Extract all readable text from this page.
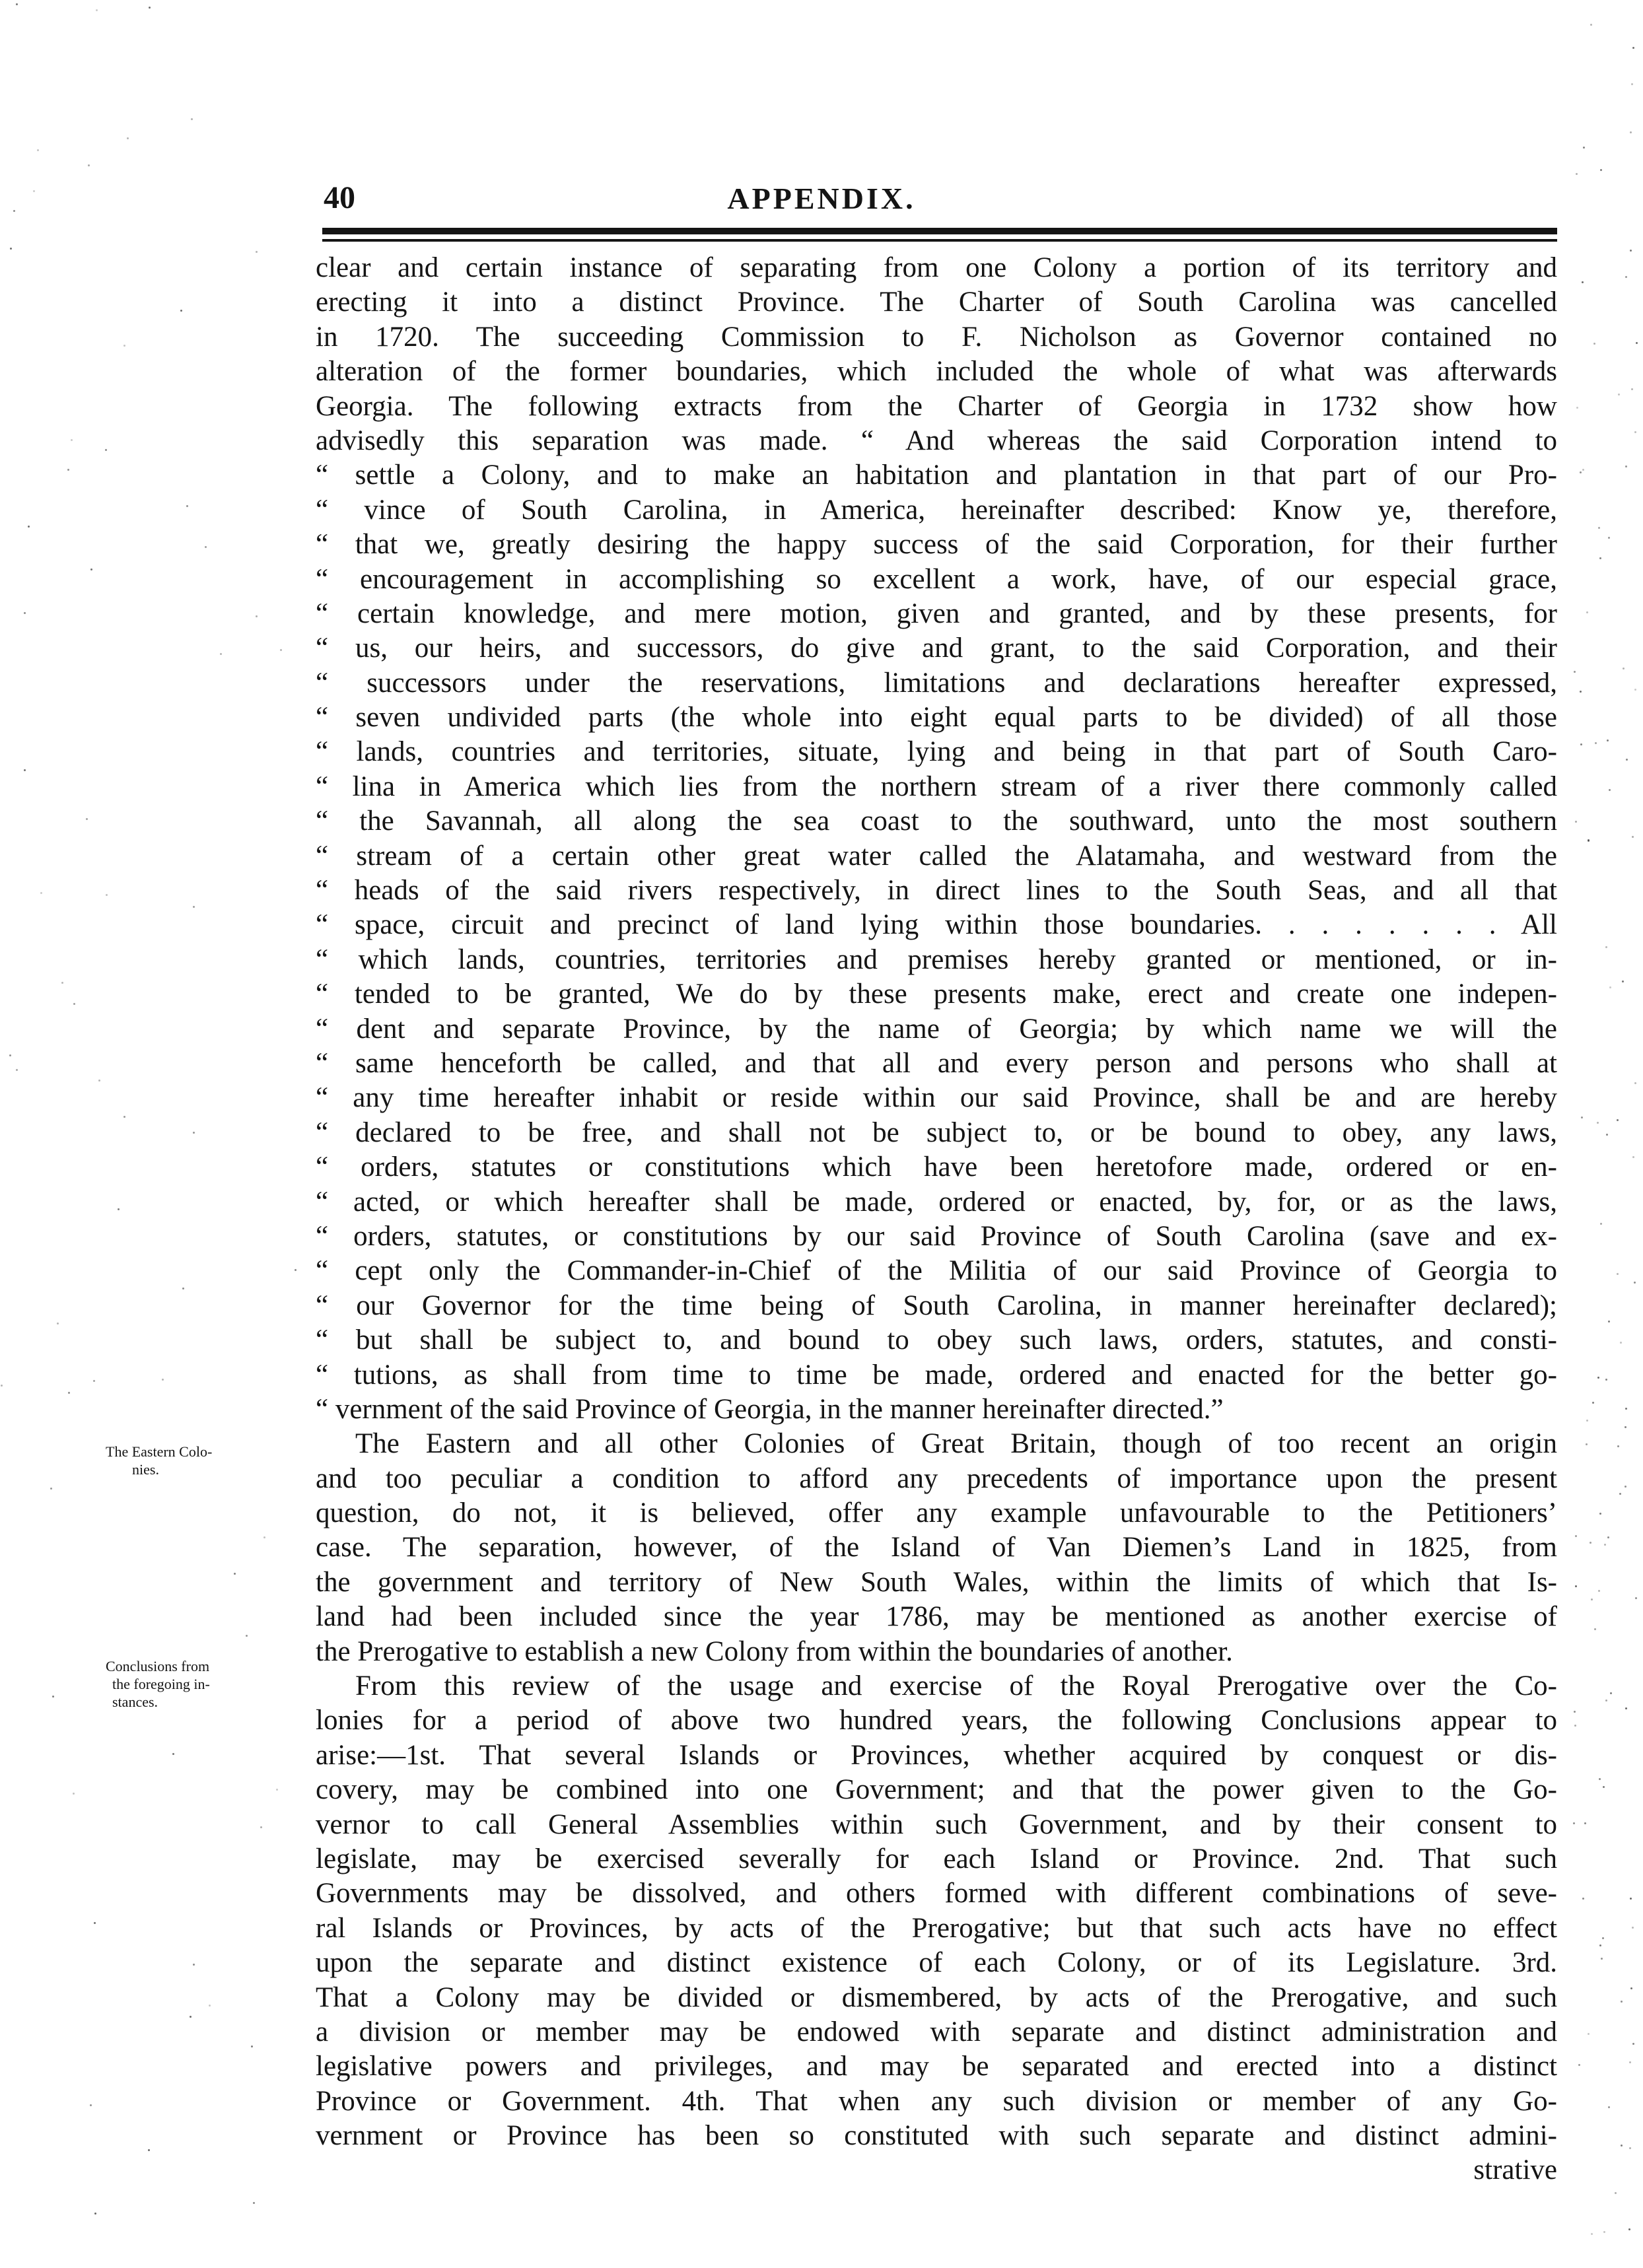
40	APPENDIX.
The Eastern Colo-
nies.
Conclusions from
the foregoing in-
stances.
clear and certain instance of separating from one Colony a portion of its territory and
erecting it into a distinct Province. The Charter of South Carolina was cancelled
in 1720. The succeeding Commission to F. Nicholson as Governor contained no
alteration of the former boundaries, which included the whole of what was afterwards
Georgia. The following extracts from the Charter of Georgia in 1732 show how
advisedly this separation was made. “ And whereas the said Corporation intend to
“ settle a Colony, and to make an habitation and plantation in that part of our Pro-
“ vince of South Carolina, in America, hereinafter described: Know ye, therefore,
“ that we, greatly desiring the happy success of the said Corporation, for their further
“ encouragement in accomplishing so excellent a work, have, of our especial grace,
“ certain knowledge, and mere motion, given and granted, and by these presents, for
“ us, our heirs, and successors, do give and grant, to the said Corporation, and their
“ successors under the reservations, limitations and declarations hereafter expressed,
“ seven undivided parts (the whole into eight equal parts to be divided) of all those
“ lands, countries and territories, situate, lying and being in that part of South Caro-
“ lina in America which lies from the northern stream of a river there commonly called
“ the Savannah, all along the sea coast to the southward, unto the most southern
“ stream of a certain other great water called the Alatamaha, and westward from the
“ heads of the said rivers respectively, in direct lines to the South Seas, and all that
“ space, circuit and precinct of land lying within those boundaries. . . . . . . . All
“ which lands, countries, territories and premises hereby granted or mentioned, or in-
“ tended to be granted, We do by these presents make, erect and create one indepen-
“ dent and separate Province, by the name of Georgia; by which name we will the
“ same henceforth be called, and that all and every person and persons who shall at
“ any time hereafter inhabit or reside within our said Province, shall be and are hereby
“ declared to be free, and shall not be subject to, or be bound to obey, any laws,
“ orders, statutes or constitutions which have been heretofore made, ordered or en-
“ acted, or which hereafter shall be made, ordered or enacted, by, for, or as the laws,
“ orders, statutes, or constitutions by our said Province of South Carolina (save and ex-
“ cept only the Commander-in-Chief of the Militia of our said Province of Georgia to
“ our Governor for the time being of South Carolina, in manner hereinafter declared);
“ but shall be subject to, and bound to obey such laws, orders, statutes, and consti-
“ tutions, as shall from time to time be made, ordered and enacted for the better go-
“ vernment of the said Province of Georgia, in the manner hereinafter directed.”
The Eastern and all other Colonies of Great Britain, though of too recent an origin
and too peculiar a condition to afford any precedents of importance upon the present
question, do not, it is believed, offer any example unfavourable to the Petitioners’
case. The separation, however, of the Island of Van Diemen’s Land in 1825, from
the government and territory of New South Wales, within the limits of which that Is-
land had been included since the year 1786, may be mentioned as another exercise of
the Prerogative to establish a new Colony from within the boundaries of another.
From this review of the usage and exercise of the Royal Prerogative over the Co-
lonies for a period of above two hundred years, the following Conclusions appear to
arise:—1st. That several Islands or Provinces, whether acquired by conquest or dis-
covery, may be combined into one Government; and that the power given to the Go-
vernor to call General Assemblies within such Government, and by their consent to
legislate, may be exercised severally for each Island or Province. 2nd. That such
Governments may be dissolved, and others formed with different combinations of seve-
ral Islands or Provinces, by acts of the Prerogative; but that such acts have no effect
upon the separate and distinct existence of each Colony, or of its Legislature. 3rd.
That a Colony may be divided or dismembered, by acts of the Prerogative, and such
a division or member may be endowed with separate and distinct administration and
legislative powers and privileges, and may be separated and erected into a distinct
Province or Government. 4th. That when any such division or member of any Go-
vernment or Province has been so constituted with such separate and distinct admini-
strative
